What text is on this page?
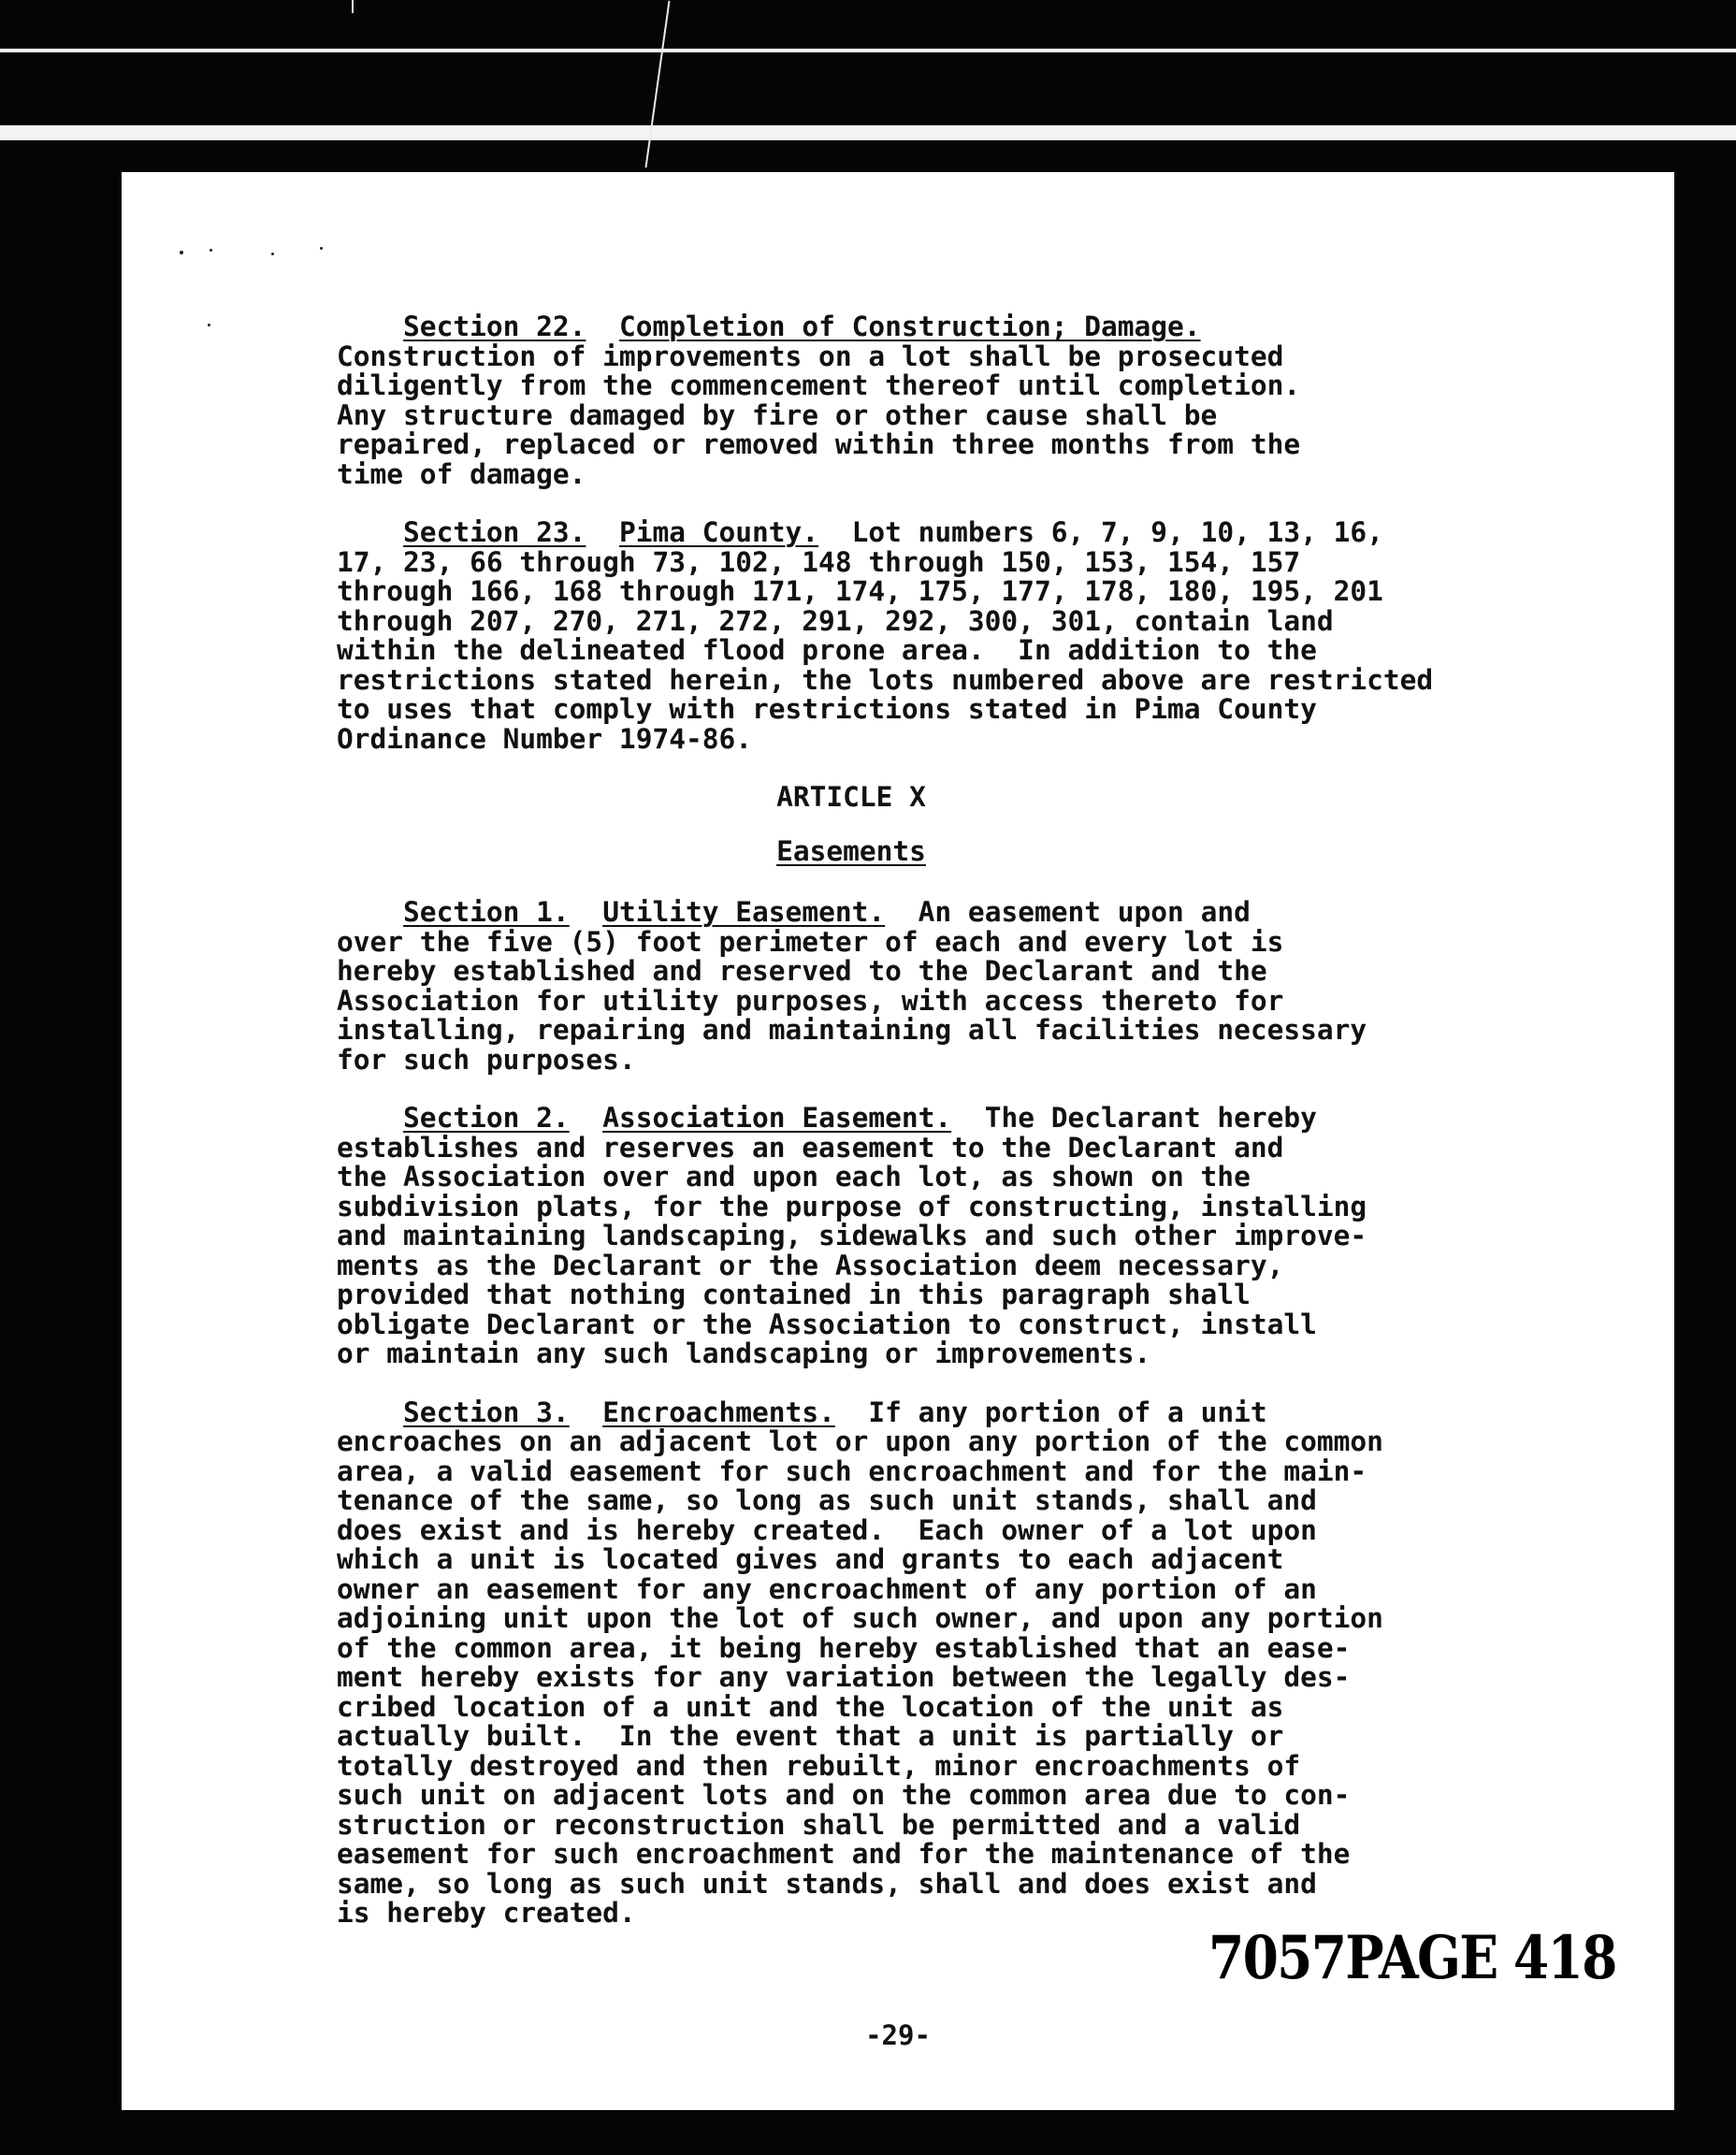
Section 22. Completion of Construction; Damage.
Construction of improvements on a lot shall be prosecuted
diligently from the commencement thereof until completion.
Any structure damaged by fire or other cause shall be
repaired, replaced or removed within three months from the
time of damage.
Section 23. Pima County.  Lot numbers 6, 7, 9, 10, 13, 16,
17, 23, 66 through 73, 102, 148 through 150, 153, 154, 157
through 166, 168 through 171, 174, 175, 177, 178, 180, 195, 201
through 207, 270, 271, 272, 291, 292, 300, 301, contain land
within the delineated flood prone area.  In addition to the
restrictions stated herein, the lots numbered above are restricted
to uses that comply with restrictions stated in Pima County
Ordinance Number 1974-86.
ARTICLE X
Easements
Section 1. Utility Easement.  An easement upon and
over the five (5) foot perimeter of each and every lot is
hereby established and reserved to the Declarant and the
Association for utility purposes, with access thereto for
installing, repairing and maintaining all facilities necessary
for such purposes.
Section 2. Association Easement.  The Declarant hereby
establishes and reserves an easement to the Declarant and
the Association over and upon each lot, as shown on the
subdivision plats, for the purpose of constructing, installing
and maintaining landscaping, sidewalks and such other improve-
ments as the Declarant or the Association deem necessary,
provided that nothing contained in this paragraph shall
obligate Declarant or the Association to construct, install
or maintain any such landscaping or improvements.
Section 3. Encroachments.  If any portion of a unit
encroaches on an adjacent lot or upon any portion of the common
area, a valid easement for such encroachment and for the main-
tenance of the same, so long as such unit stands, shall and
does exist and is hereby created.  Each owner of a lot upon
which a unit is located gives and grants to each adjacent
owner an easement for any encroachment of any portion of an
adjoining unit upon the lot of such owner, and upon any portion
of the common area, it being hereby established that an ease-
ment hereby exists for any variation between the legally des-
cribed location of a unit and the location of the unit as
actually built.  In the event that a unit is partially or
totally destroyed and then rebuilt, minor encroachments of
such unit on adjacent lots and on the common area due to con-
struction or reconstruction shall be permitted and a valid
easement for such encroachment and for the maintenance of the
same, so long as such unit stands, shall and does exist and
is hereby created.
7057PAGE 418
-29-
